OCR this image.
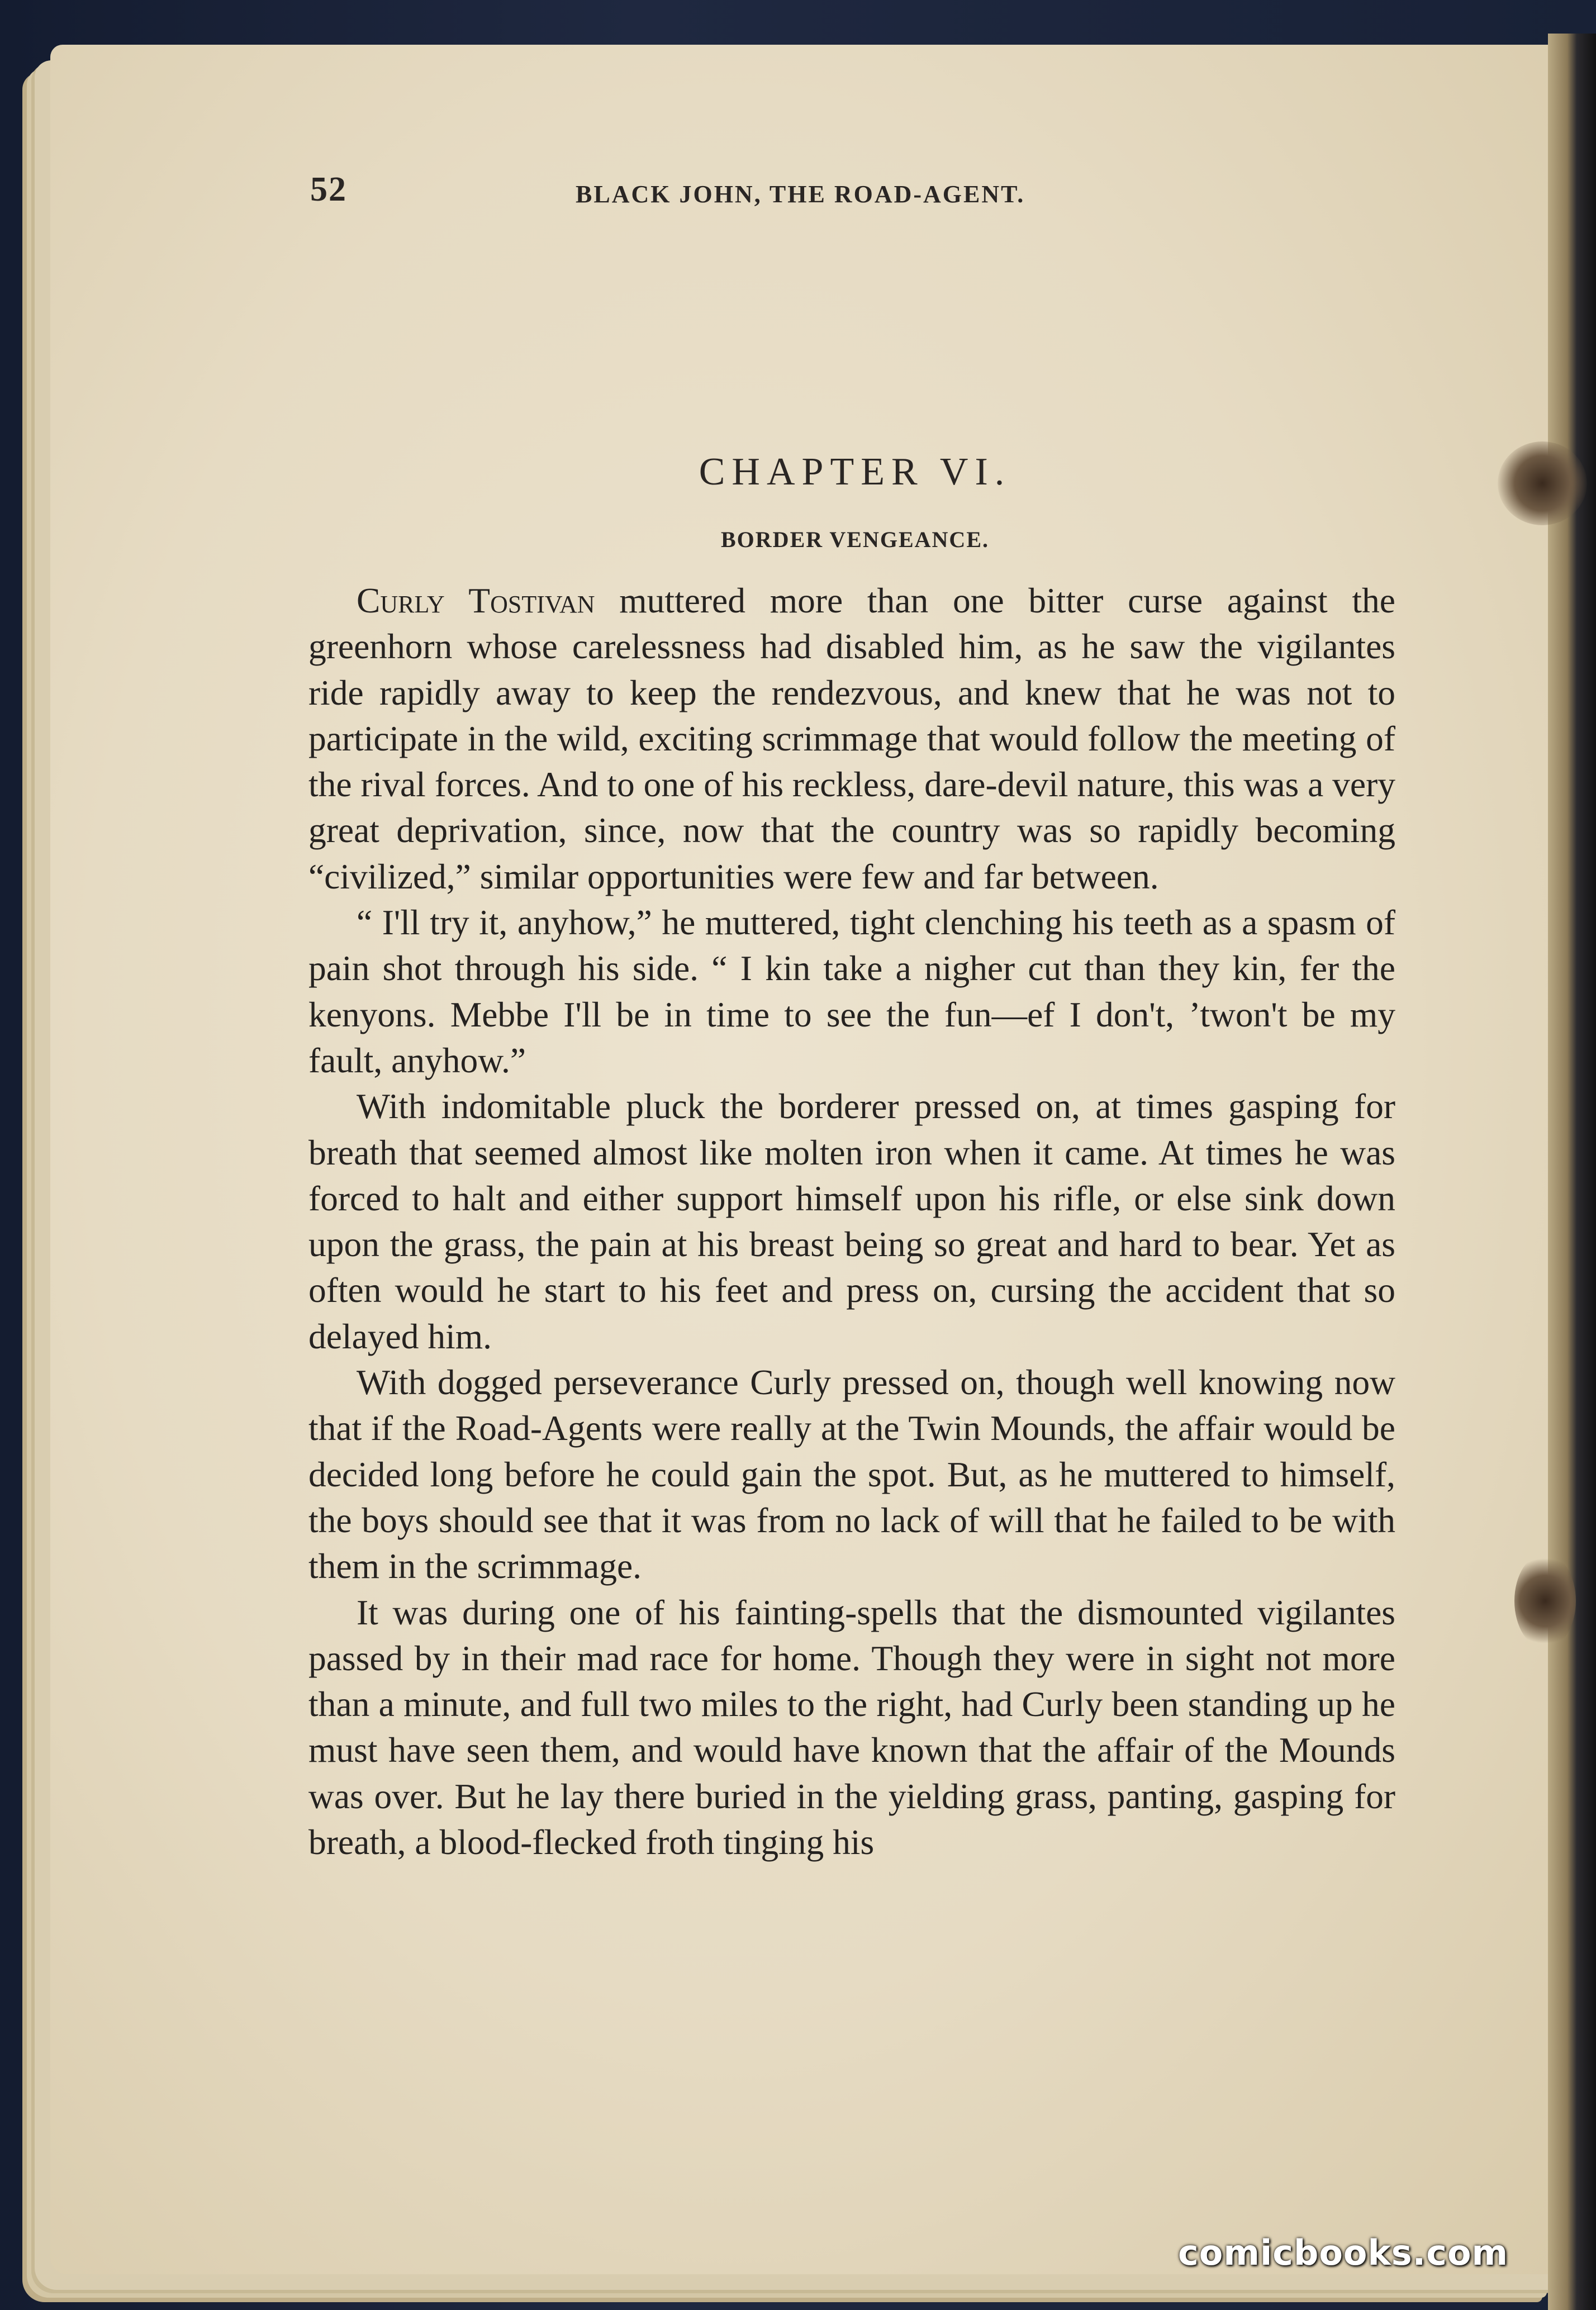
52	BLACK JOHN, THE ROAD-AGENT.
CHAPTER VI.
BORDER VENGEANCE.

Curly Tostivan muttered more than one bitter curse against the greenhorn whose carelessness had disabled him, as he saw the vigilantes ride rapidly away to keep the rendezvous, and knew that he was not to participate in the wild, exciting scrimmage that would follow the meeting of the rival forces. And to one of his reckless, dare-devil nature, this was a very great deprivation, since, now that the country was so rapidly becoming “civilized,” similar opportunities were few and far between.

“ I'll try it, anyhow,” he muttered, tight clenching his teeth as a spasm of pain shot through his side. “ I kin take a nigher cut than they kin, fer the kenyons. Mebbe I'll be in time to see the fun—ef I don't, ’twon't be my fault, anyhow.”

With indomitable pluck the borderer pressed on, at times gasping for breath that seemed almost like molten iron when it came. At times he was forced to halt and either support himself upon his rifle, or else sink down upon the grass, the pain at his breast being so great and hard to bear. Yet as often would he start to his feet and press on, cursing the accident that so delayed him.

With dogged perseverance Curly pressed on, though well knowing now that if the Road-Agents were really at the Twin Mounds, the affair would be decided long before he could gain the spot. But, as he muttered to himself, the boys should see that it was from no lack of will that he failed to be with them in the scrimmage.

It was during one of his fainting-spells that the dismounted vigilantes passed by in their mad race for home. Though they were in sight not more than a minute, and full two miles to the right, had Curly been standing up he must have seen them, and would have known that the affair of the Mounds was over. But he lay there buried in the yielding grass, panting, gasping for breath, a blood-flecked froth tinging his

comicbooks.com
